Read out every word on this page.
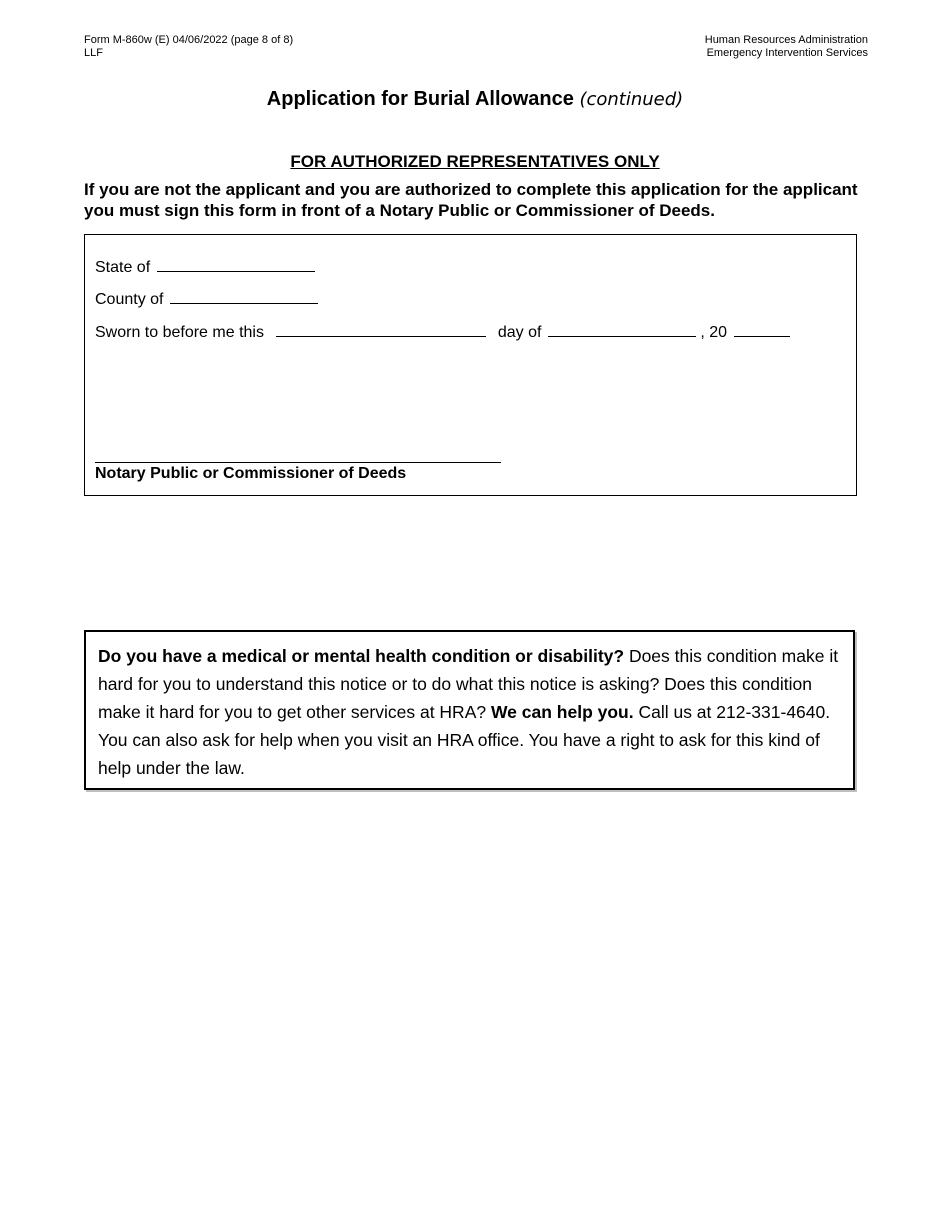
Form M-860w (E) 04/06/2022 (page 8 of 8)
LLF
Human Resources Administration
Emergency Intervention Services
Application for Burial Allowance (continued)
FOR AUTHORIZED REPRESENTATIVES ONLY
If you are not the applicant and you are authorized to complete this application for the applicant you must sign this form in front of a Notary Public or Commissioner of Deeds.
State of
County of
Sworn to before me this	day of	, 20
Notary Public or Commissioner of Deeds
Do you have a medical or mental health condition or disability? Does this condition make it hard for you to understand this notice or to do what this notice is asking? Does this condition make it hard for you to get other services at HRA? We can help you. Call us at 212-331-4640. You can also ask for help when you visit an HRA office. You have a right to ask for this kind of help under the law.
